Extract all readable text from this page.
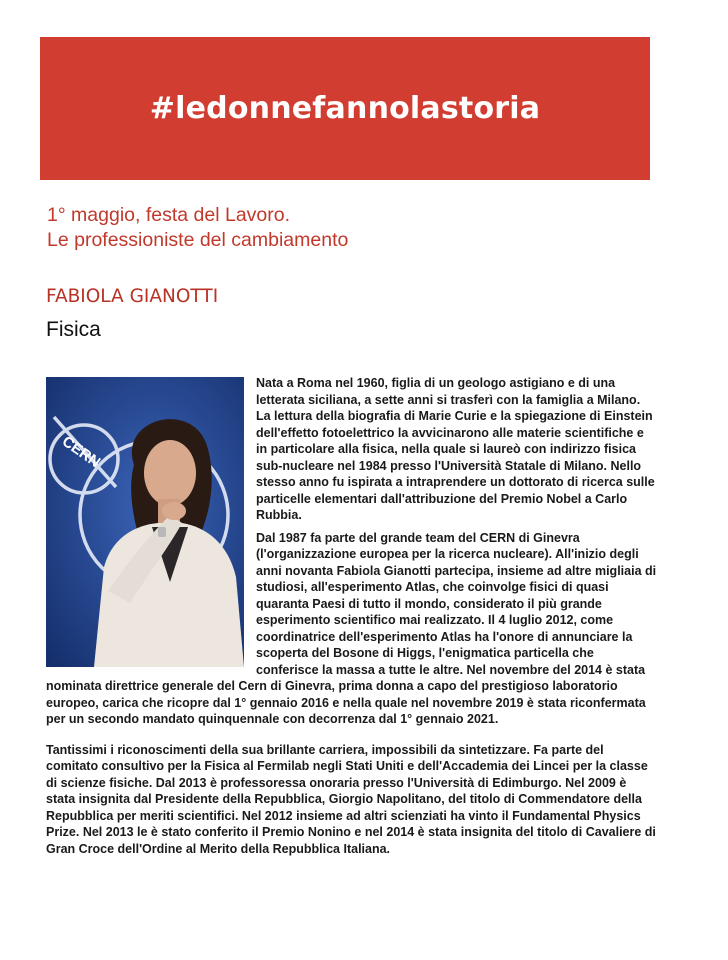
#ledonnefannolastoria
1° maggio, festa del Lavoro.
Le professioniste del cambiamento
FABIOLA GIANOTTI
Fisica
CERN

Nata a Roma nel 1960, figlia di un geologo astigiano e di una letterata siciliana, a sette anni si trasferì con la famiglia a Milano. La lettura della biografia di Marie Curie e la spiegazione di Einstein dell'effetto fotoelettrico la avvicinarono alle materie scientifiche e in particolare alla fisica, nella quale si laureò con indirizzo fisica sub-nucleare nel 1984 presso l'Università Statale di Milano. Nello stesso anno fu ispirata a intraprendere un dottorato di ricerca sulle particelle elementari dall'attribuzione del Premio Nobel a Carlo Rubbia.

Dal 1987 fa parte del grande team del CERN di Ginevra (l'organizzazione europea per la ricerca nucleare). All'inizio degli anni novanta Fabiola Gianotti partecipa, insieme ad altre migliaia di studiosi, all'esperimento Atlas, che coinvolge fisici di quasi quaranta Paesi di tutto il mondo, considerato il più grande esperimento scientifico mai realizzato. Il 4 luglio 2012, come coordinatrice dell'esperimento Atlas ha l'onore di annunciare la scoperta del Bosone di Higgs, l'enigmatica particella che conferisce la massa a tutte le altre. Nel novembre del 2014 è stata nominata direttrice generale del Cern di Ginevra, prima donna a capo del prestigioso laboratorio europeo, carica che ricopre dal 1° gennaio 2016 e nella quale nel novembre 2019 è stata riconfermata per un secondo mandato quinquennale con decorrenza dal 1° gennaio 2021.

Tantissimi i riconoscimenti della sua brillante carriera, impossibili da sintetizzare. Fa parte del comitato consultivo per la Fisica al Fermilab negli Stati Uniti e dell'Accademia dei Lincei per la classe di scienze fisiche. Dal 2013 è professoressa onoraria presso l'Università di Edimburgo. Nel 2009 è stata insignita dal Presidente della Repubblica, Giorgio Napolitano, del titolo di Commendatore della Repubblica per meriti scientifici. Nel 2012 insieme ad altri scienziati ha vinto il Fundamental Physics Prize. Nel 2013 le è stato conferito il Premio Nonino e nel 2014 è stata insignita del titolo di Cavaliere di Gran Croce dell'Ordine al Merito della Repubblica Italiana.
